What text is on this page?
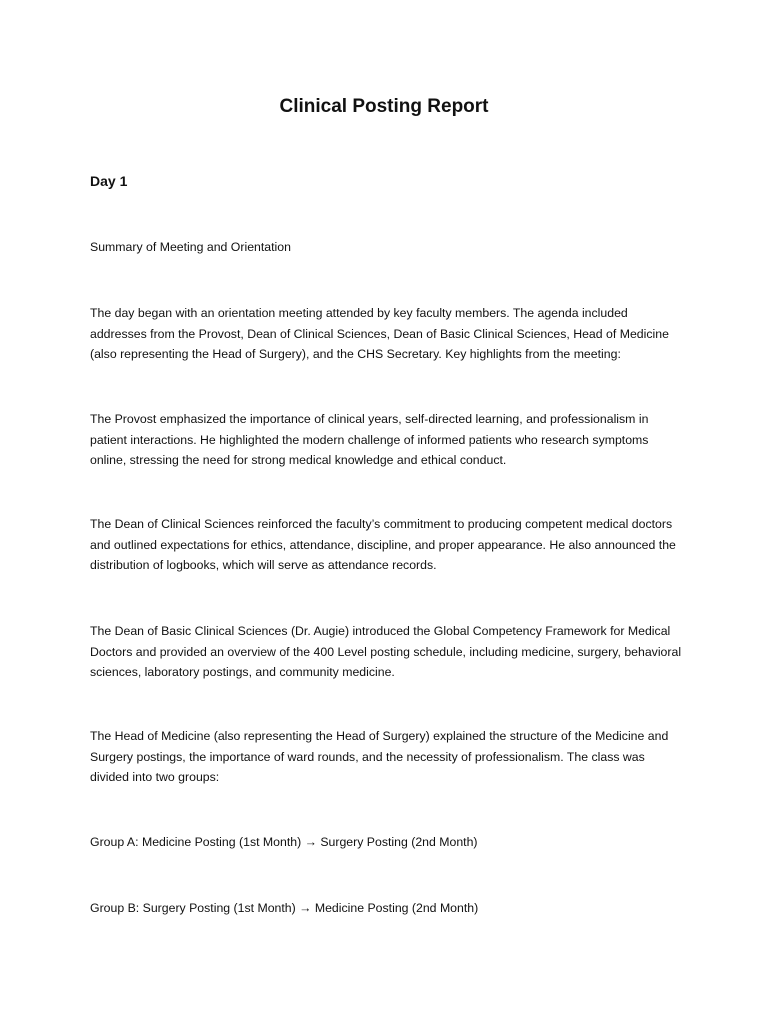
Clinical Posting Report
Day 1

Summary of Meeting and Orientation

The day began with an orientation meeting attended by key faculty members. The agenda included addresses from the Provost, Dean of Clinical Sciences, Dean of Basic Clinical Sciences, Head of Medicine (also representing the Head of Surgery), and the CHS Secretary. Key highlights from the meeting:

The Provost emphasized the importance of clinical years, self-directed learning, and professionalism in patient interactions. He highlighted the modern challenge of informed patients who research symptoms online, stressing the need for strong medical knowledge and ethical conduct.

The Dean of Clinical Sciences reinforced the faculty’s commitment to producing competent medical doctors and outlined expectations for ethics, attendance, discipline, and proper appearance. He also announced the distribution of logbooks, which will serve as attendance records.

The Dean of Basic Clinical Sciences (Dr. Augie) introduced the Global Competency Framework for Medical Doctors and provided an overview of the 400 Level posting schedule, including medicine, surgery, behavioral sciences, laboratory postings, and community medicine.

The Head of Medicine (also representing the Head of Surgery) explained the structure of the Medicine and Surgery postings, the importance of ward rounds, and the necessity of professionalism. The class was divided into two groups:

Group A: Medicine Posting (1st Month) → Surgery Posting (2nd Month)

Group B: Surgery Posting (1st Month) → Medicine Posting (2nd Month)
